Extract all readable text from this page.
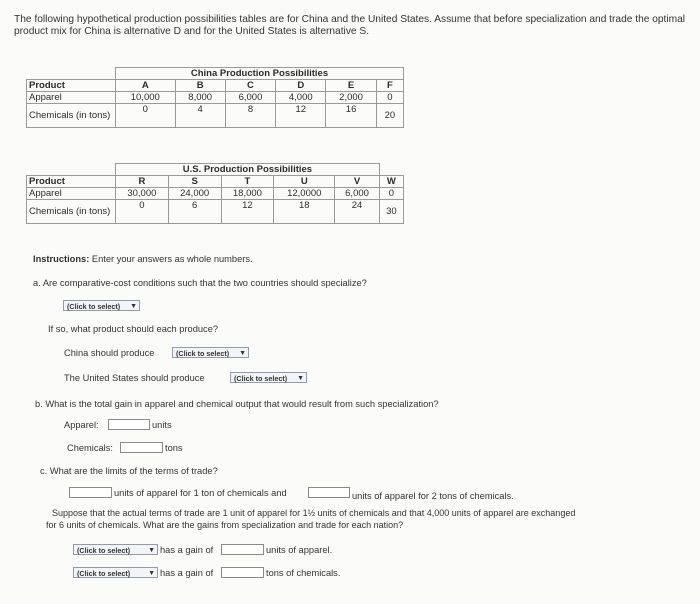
The following hypothetical production possibilities tables are for China and the United States. Assume that before specialization and trade the optimal product mix for China is alternative D and for the United States is alternative S.
	China Production Possibilities					
Product	A	B	C	D	E	F
Apparel	10,000	8,000	6,000	4,000	2,000	0
Chemicals (in tons)	0	4	8	12	16	20
	U.S. Production Possibilities					
Product	R	S	T	U	V	W
Apparel	30,000	24,000	18,000	12,0000	6,000	0
Chemicals (in tons)	0	6	12	18	24	30
Instructions: Enter your answers as whole numbers.
a. Are comparative-cost conditions such that the two countries should specialize?
(Click to select) ▼
If so, what product should each produce?
China should produce	(Click to select) ▼
The United States should produce	(Click to select) ▼
b. What is the total gain in apparel and chemical output that would result from such specialization?
Apparel:	units
Chemicals:	tons
c. What are the limits of the terms of trade?
units of apparel for 1 ton of chemicals and	units of apparel for 2 tons of chemicals.
Suppose that the actual terms of trade are 1 unit of apparel for 1½ units of chemicals and that 4,000 units of apparel are exchanged
for 6 units of chemicals. What are the gains from specialization and trade for each nation?
(Click to select)	▼ has a gain of	units of apparel.
(Click to select)	▼ has a gain of	tons of chemicals.
